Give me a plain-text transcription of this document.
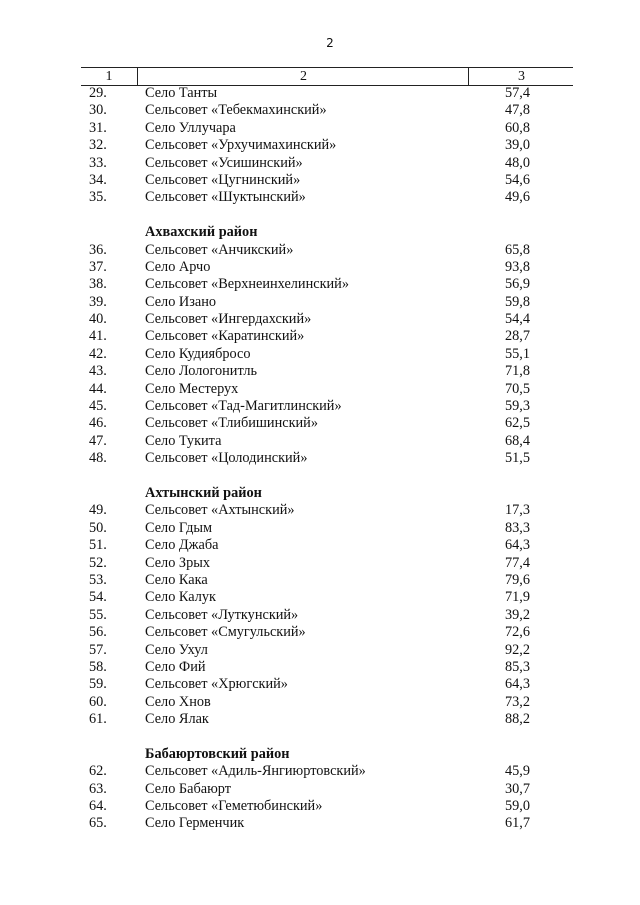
2
1	2	3
29.	Село Танты	57,4
30.	Сельсовет «Тебекмахинский»	47,8
31.	Село Уллучара	60,8
32.	Сельсовет «Урхучимахинский»	39,0
33.	Сельсовет «Усишинский»	48,0
34.	Сельсовет «Цугнинский»	54,6
35.	Сельсовет «Шуктынский»	49,6
Ахвахский район
36.	Сельсовет «Анчикский»	65,8
37.	Село Арчо	93,8
38.	Сельсовет «Верхнеинхелинский»	56,9
39.	Село Изано	59,8
40.	Сельсовет «Ингердахский»	54,4
41.	Сельсовет «Каратинский»	28,7
42.	Село Кудиябросо	55,1
43.	Село Лологонитль	71,8
44.	Село Местерух	70,5
45.	Сельсовет «Тад-Магитлинский»	59,3
46.	Сельсовет «Тлибишинский»	62,5
47.	Село Тукита	68,4
48.	Сельсовет «Цолодинский»	51,5
Ахтынский район
49.	Сельсовет «Ахтынский»	17,3
50.	Село Гдым	83,3
51.	Село Джаба	64,3
52.	Село Зрых	77,4
53.	Село Кака	79,6
54.	Село Калук	71,9
55.	Сельсовет «Луткунский»	39,2
56.	Сельсовет «Смугульский»	72,6
57.	Село Ухул	92,2
58.	Село Фий	85,3
59.	Сельсовет «Хрюгский»	64,3
60.	Село Хнов	73,2
61.	Село Ялак	88,2
Бабаюртовский район
62.	Сельсовет «Адиль-Янгиюртовский»	45,9
63.	Село Бабаюрт	30,7
64.	Сельсовет «Геметюбинский»	59,0
65.	Село Герменчик	61,7
